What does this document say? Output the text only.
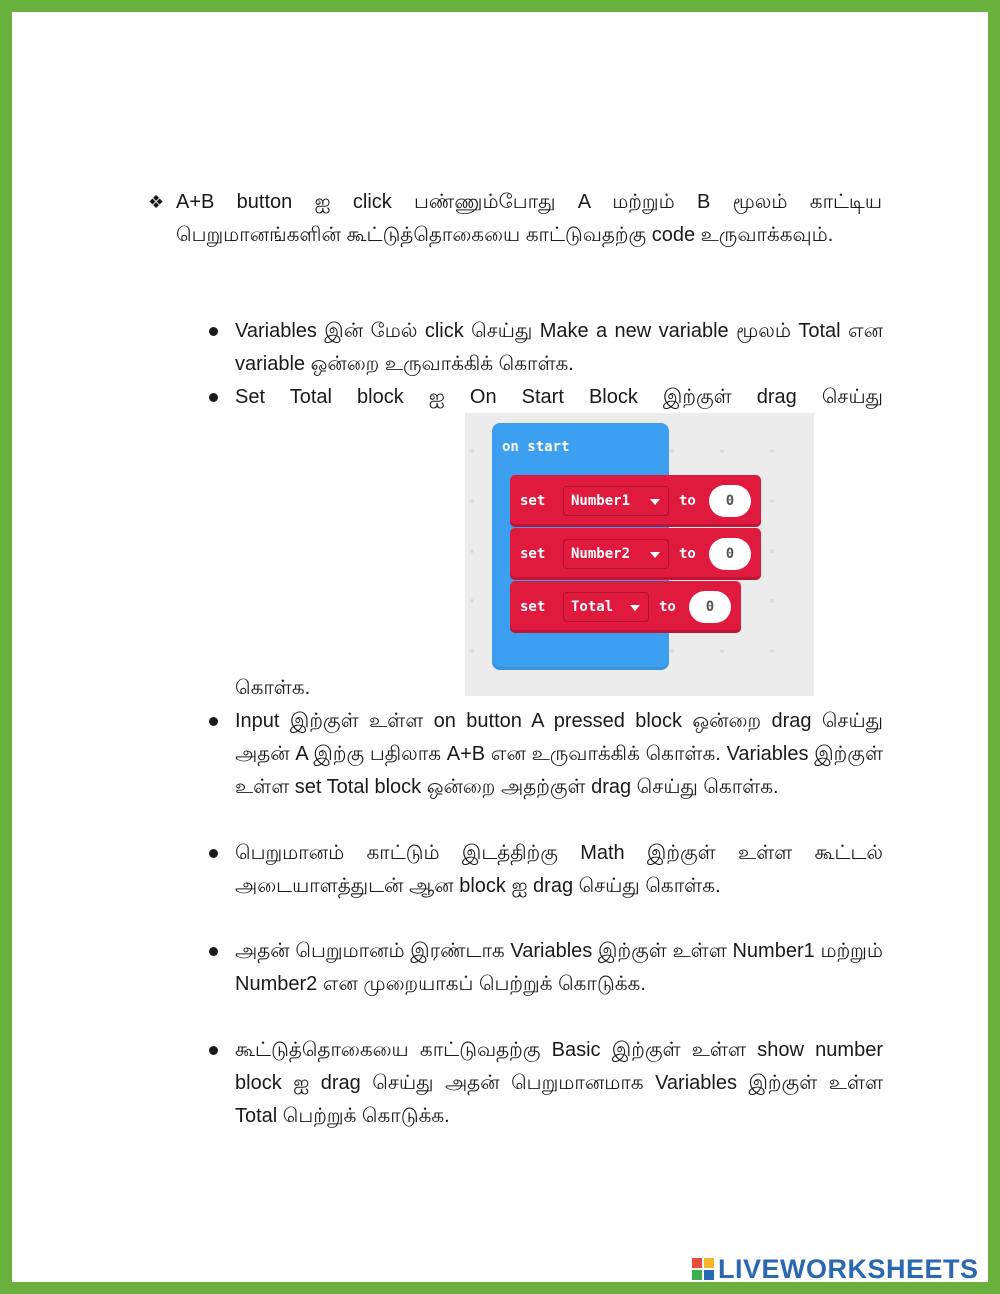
❖ A+B button ஐ click பண்ணும்போது A மற்றும் B மூலம் காட்டிய பெறுமானங்களின் கூட்டுத்தொகையை காட்டுவதற்கு code உருவாக்கவும்.
Variables இன் மேல் click செய்து Make a new variable மூலம் Total என variable ஒன்றை உருவாக்கிக் கொள்க.
Set Total block ஐ On Start Block இற்குள் drag செய்து
on start
set	Number1	to	0
set	Number2	to	0
set	Total	to	0
கொள்க.
Input இற்குள் உள்ள on button A pressed block ஒன்றை drag செய்து அதன் A இற்கு பதிலாக A+B என உருவாக்கிக் கொள்க. Variables இற்குள் உள்ள set Total block ஒன்றை அதற்குள் drag செய்து கொள்க.
பெறுமானம் காட்டும் இடத்திற்கு Math இற்குள் உள்ள கூட்டல் அடையாளத்துடன் ஆன block ஐ drag செய்து கொள்க.
அதன் பெறுமானம் இரண்டாக Variables இற்குள் உள்ள Number1 மற்றும் Number2 என முறையாகப் பெற்றுக் கொடுக்க.
கூட்டுத்தொகையை காட்டுவதற்கு Basic இற்குள் உள்ள show number block ஐ drag செய்து அதன் பெறுமானமாக Variables இற்குள் உள்ள Total பெற்றுக் கொடுக்க.
LIVEWORKSHEETS
